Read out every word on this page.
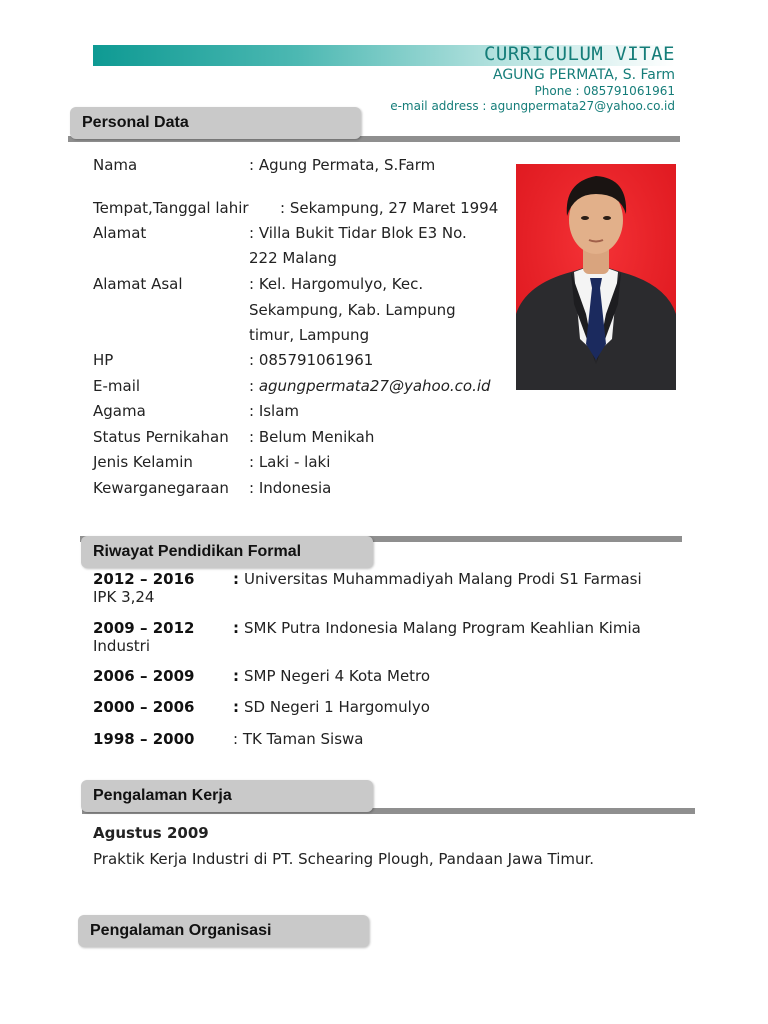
CURRICULUM VITAE
AGUNG PERMATA, S. Farm
Phone : 085791061961
e-mail address : agungpermata27@yahoo.co.id
Personal Data
Nama	: Agung Permata, S.Farm
Tempat,Tanggal lahir : Sekampung, 27 Maret 1994
Alamat	: Villa Bukit Tidar Blok E3 No.
222 Malang
Alamat Asal	: Kel. Hargomulyo, Kec.
Sekampung, Kab. Lampung
timur, Lampung
HP	: 085791061961
E-mail	: agungpermata27@yahoo.co.id
Agama	: Islam
Status Pernikahan : Belum Menikah
Jenis Kelamin	: Laki - laki
Kewarganegaraan : Indonesia
Riwayat Pendidikan Formal
2012 – 2016	: Universitas Muhammadiyah Malang Prodi S1 Farmasi
IPK 3,24
2009 – 2012	: SMK Putra Indonesia Malang Program Keahlian Kimia
Industri
2006 – 2009	: SMP Negeri 4 Kota Metro
2000 – 2006	: SD Negeri 1 Hargomulyo
1998 – 2000	: TK Taman Siswa
Pengalaman Kerja
Agustus 2009
Praktik Kerja Industri di PT. Schearing Plough, Pandaan Jawa Timur.
Pengalaman Organisasi
